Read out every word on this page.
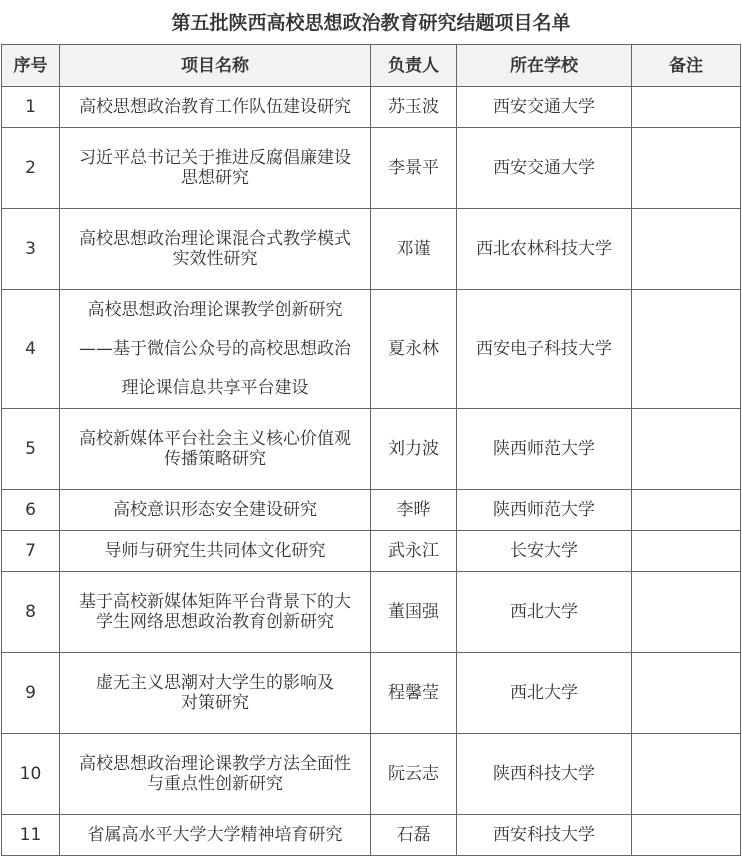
第五批陕西高校思想政治教育研究结题项目名单
序号	项目名称	负责人	所在学校	备注
1	高校思想政治教育工作队伍建设研究	苏玉波	西安交通大学	
2	习近平总书记关于推进反腐倡廉建设
思想研究	李景平	西安交通大学	
3	高校思想政治理论课混合式教学模式
实效性研究	邓谨	西北农林科技大学	
4	高校思想政治理论课教学创新研究
——基于微信公众号的高校思想政治
理论课信息共享平台建设	夏永林	西安电子科技大学	
5	高校新媒体平台社会主义核心价值观
传播策略研究	刘力波	陕西师范大学	
6	高校意识形态安全建设研究	李晔	陕西师范大学	
7	导师与研究生共同体文化研究	武永江	长安大学	
8	基于高校新媒体矩阵平台背景下的大
学生网络思想政治教育创新研究	董国强	西北大学	
9	虚无主义思潮对大学生的影响及
对策研究	程馨莹	西北大学	
10	高校思想政治理论课教学方法全面性
与重点性创新研究	阮云志	陕西科技大学	
11	省属高水平大学大学精神培育研究	石磊	西安科技大学	
